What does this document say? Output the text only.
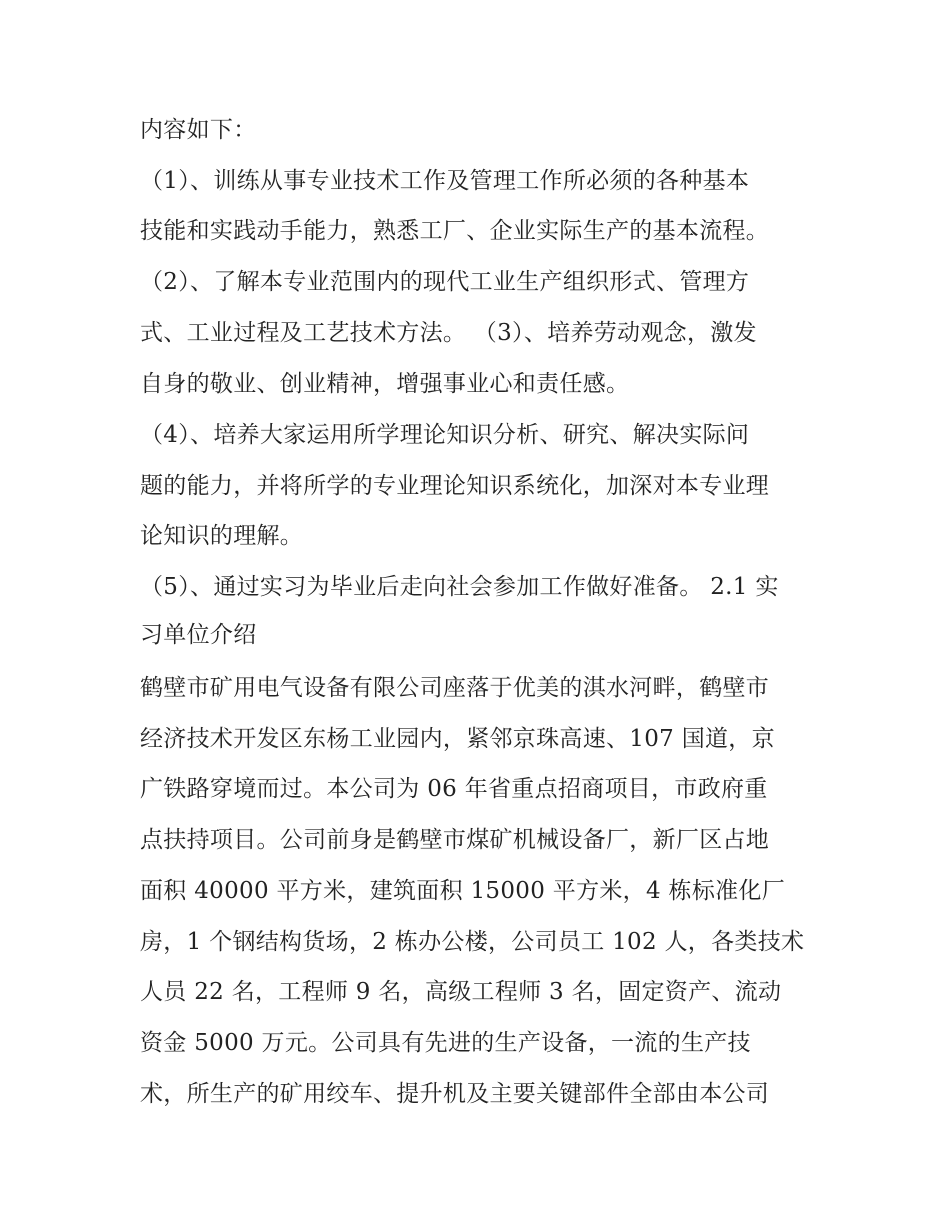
内容如下：
（1）、训练从事专业技术工作及管理工作所必须的各种基本
技能和实践动手能力，熟悉工厂、企业实际生产的基本流程。
（2）、了解本专业范围内的现代工业生产组织形式、管理方
式、工业过程及工艺技术方法。 （3）、培养劳动观念，激发
自身的敬业、创业精神，增强事业心和责任感。
（4）、培养大家运用所学理论知识分析、研究、解决实际问
题的能力，并将所学的专业理论知识系统化，加深对本专业理
论知识的理解。
（5）、通过实习为毕业后走向社会参加工作做好准备。 2.1 实
习单位介绍
鹤壁市矿用电气设备有限公司座落于优美的淇水河畔，鹤壁市
经济技术开发区东杨工业园内，紧邻京珠高速、107 国道，京
广铁路穿境而过。本公司为 06 年省重点招商项目，市政府重
点扶持项目。公司前身是鹤壁市煤矿机械设备厂，新厂区占地
面积 40000 平方米，建筑面积 15000 平方米，4 栋标准化厂
房，1 个钢结构货场，2 栋办公楼，公司员工 102 人，各类技术
人员 22 名，工程师 9 名，高级工程师 3 名，固定资产、流动
资金 5000 万元。公司具有先进的生产设备，一流的生产技
术，所生产的矿用绞车、提升机及主要关键部件全部由本公司
